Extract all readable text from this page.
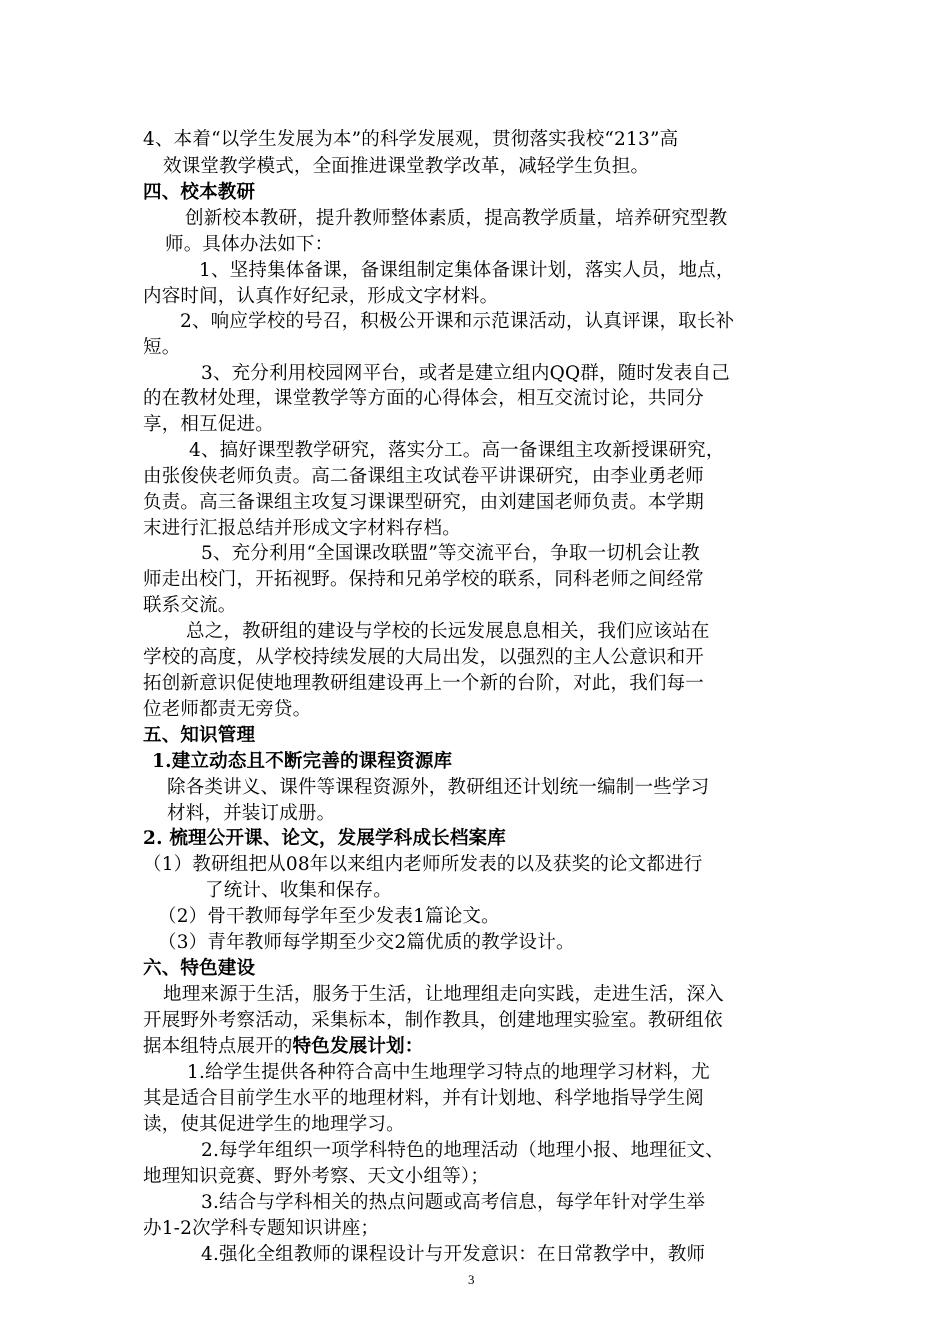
4、本着“以学生发展为本”的科学发展观，贯彻落实我校“213”高
效课堂教学模式，全面推进课堂教学改革，减轻学生负担。
四、校本教研
创新校本教研，提升教师整体素质，提高教学质量，培养研究型教
师。具体办法如下：
1、坚持集体备课，备课组制定集体备课计划，落实人员，地点，
内容时间，认真作好纪录，形成文字材料。
2、响应学校的号召，积极公开课和示范课活动，认真评课，取长补
短。
3、充分利用校园网平台，或者是建立组内QQ群，随时发表自己
的在教材处理，课堂教学等方面的心得体会，相互交流讨论，共同分
享，相互促进。
4、搞好课型教学研究，落实分工。高一备课组主攻新授课研究，
由张俊侠老师负责。高二备课组主攻试卷平讲课研究，由李业勇老师
负责。高三备课组主攻复习课课型研究，由刘建国老师负责。本学期
末进行汇报总结并形成文字材料存档。
5、充分利用“全国课改联盟”等交流平台，争取一切机会让教
师走出校门，开拓视野。保持和兄弟学校的联系，同科老师之间经常
联系交流。
总之，教研组的建设与学校的长远发展息息相关，我们应该站在
学校的高度，从学校持续发展的大局出发，以强烈的主人公意识和开
拓创新意识促使地理教研组建设再上一个新的台阶，对此，我们每一
位老师都责无旁贷。
五、知识管理
1.建立动态且不断完善的课程资源库
除各类讲义、课件等课程资源外，教研组还计划统一编制一些学习
材料，并装订成册。
2. 梳理公开课、论文，发展学科成长档案库
（1）教研组把从08年以来组内老师所发表的以及获奖的论文都进行
了统计、收集和保存。
（2）骨干教师每学年至少发表1篇论文。
（3）青年教师每学期至少交2篇优质的教学设计。
六、特色建设
地理来源于生活，服务于生活，让地理组走向实践，走进生活，深入
开展野外考察活动，采集标本，制作教具，创建地理实验室。教研组依
据本组特点展开的特色发展计划：
1.给学生提供各种符合高中生地理学习特点的地理学习材料，尤
其是适合目前学生水平的地理材料，并有计划地、科学地指导学生阅
读，使其促进学生的地理学习。
2.每学年组织一项学科特色的地理活动（地理小报、地理征文、
地理知识竞赛、野外考察、天文小组等）；
3.结合与学科相关的热点问题或高考信息，每学年针对学生举
办1-2次学科专题知识讲座；
4.强化全组教师的课程设计与开发意识：在日常教学中，教师
3
